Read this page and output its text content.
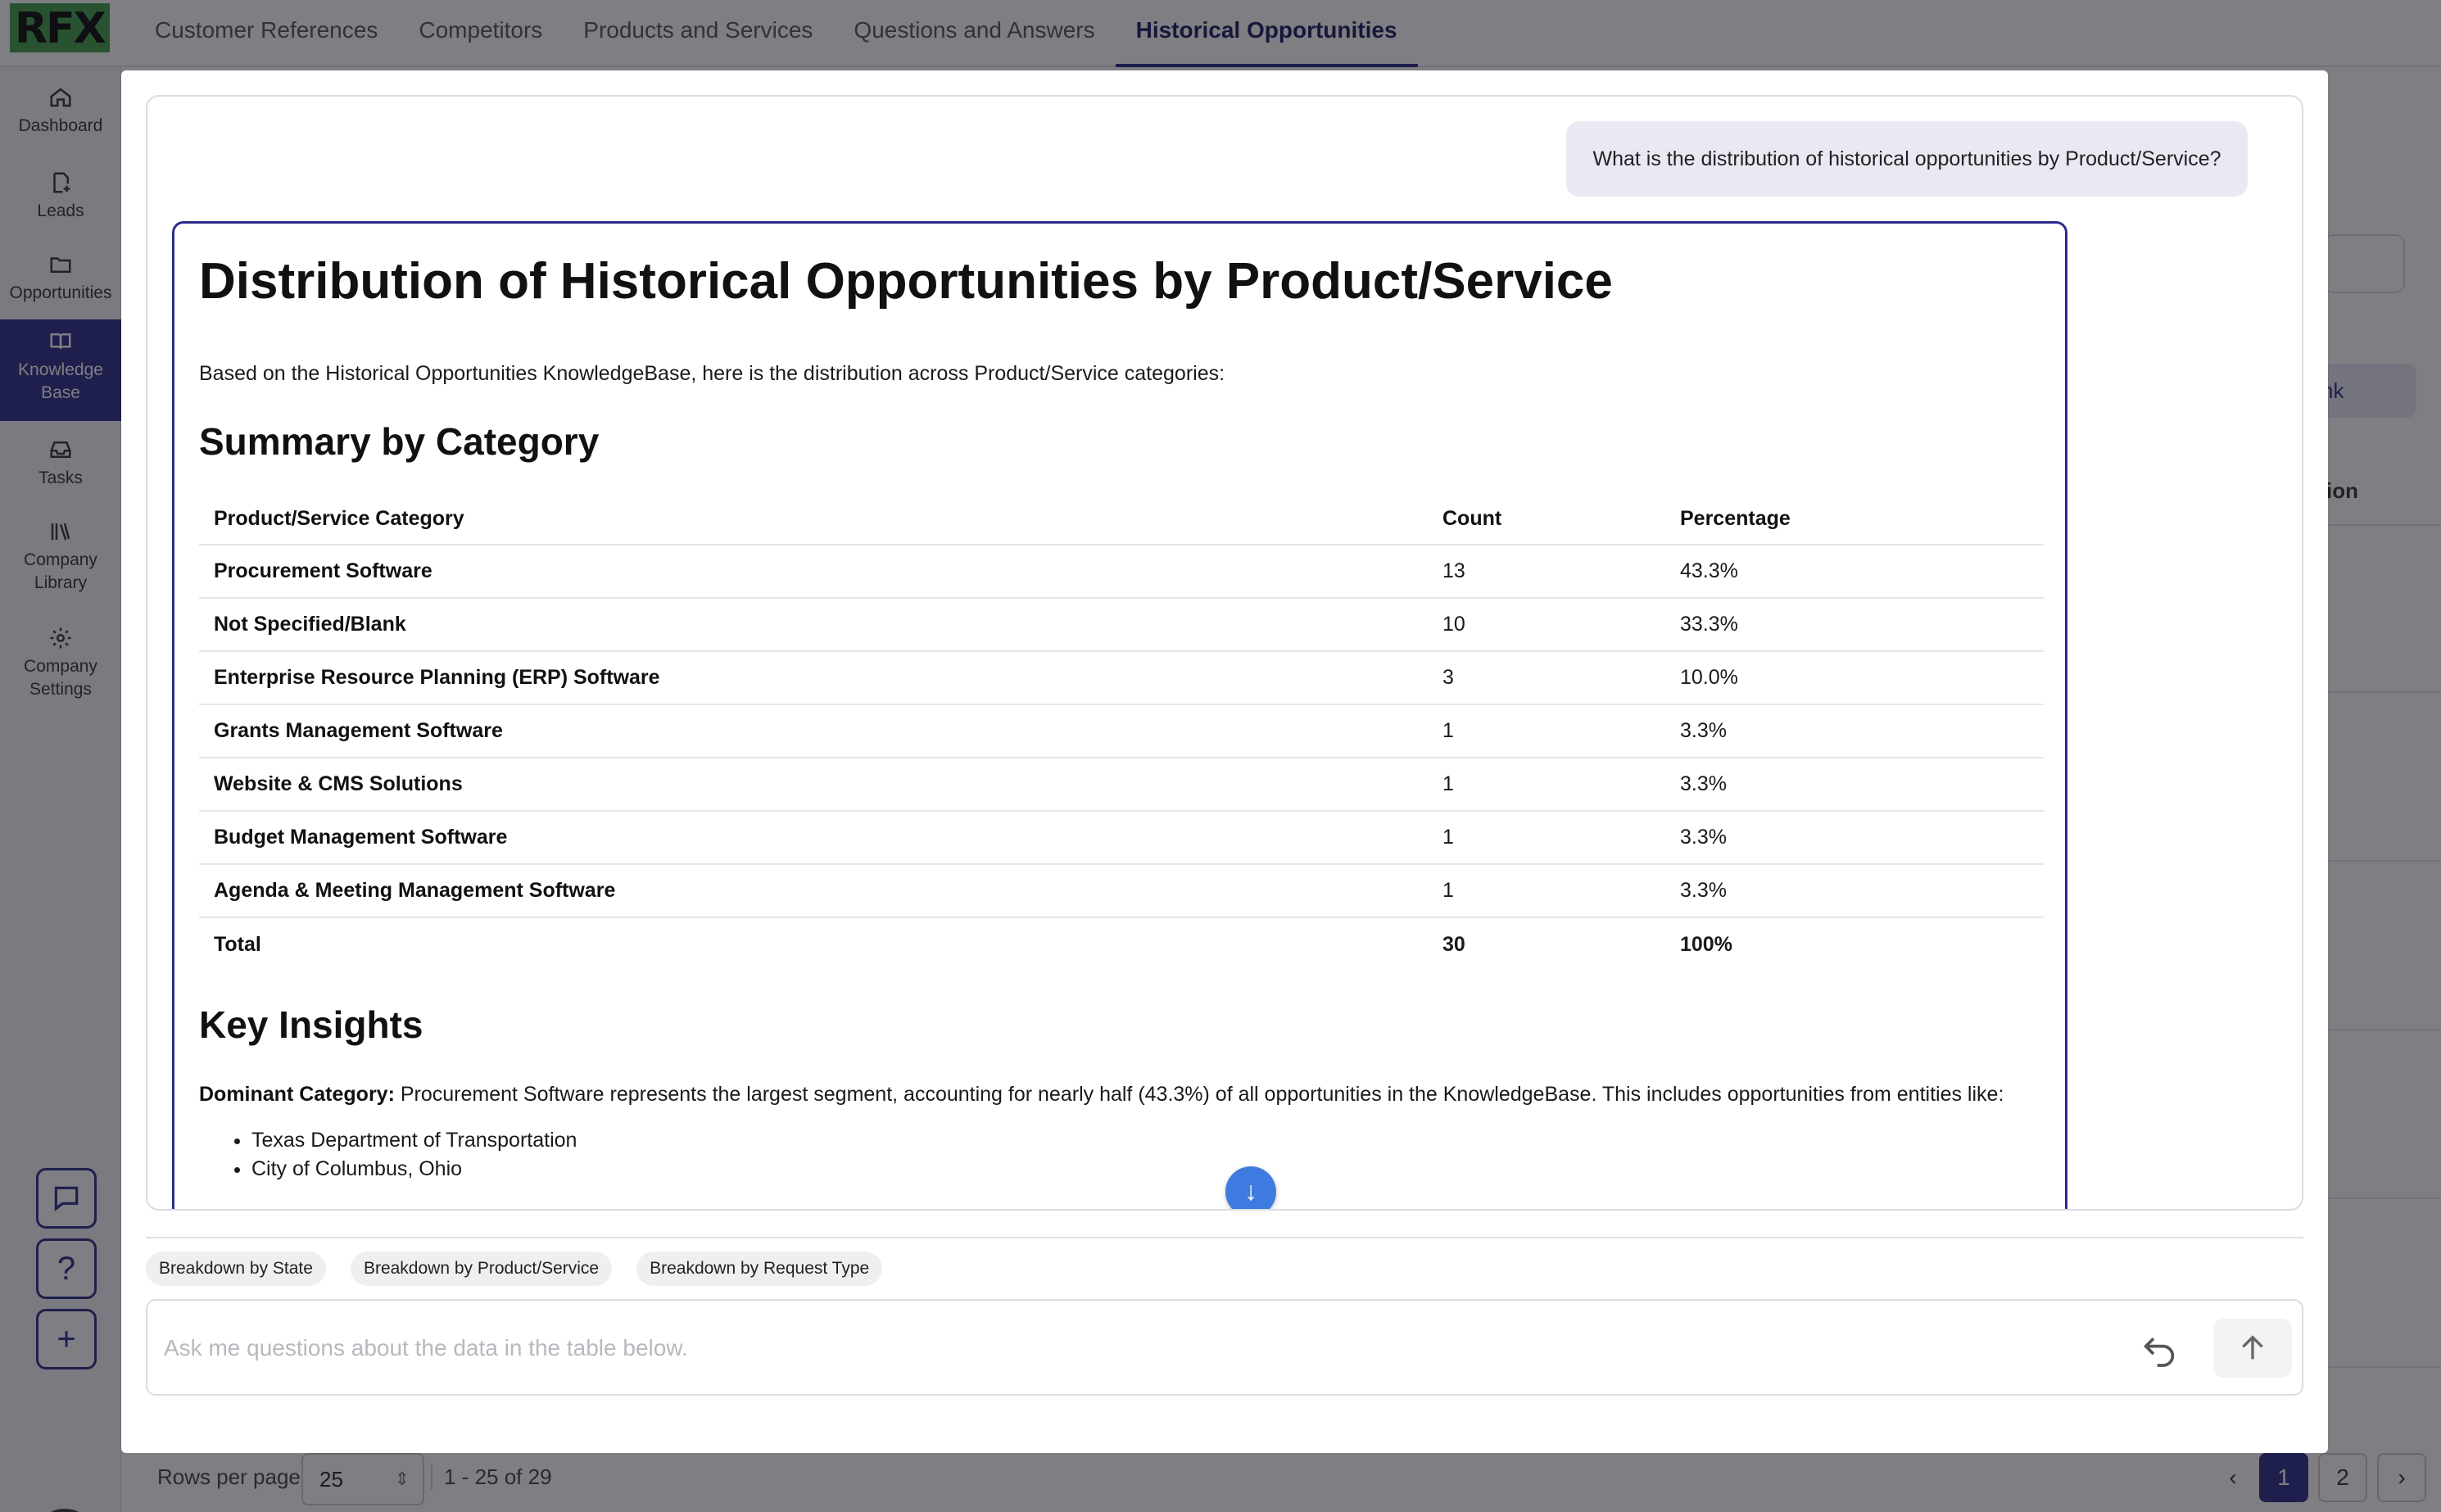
What is the distribution of historical opportunities by Product/Service?
Distribution of Historical Opportunities by Product/Service

Based on the Historical Opportunities KnowledgeBase, here is the distribution across Product/Service categories:

Summary by Category
Product/Service Category	Count	Percentage
Procurement Software	13	43.3%
Not Specified/Blank	10	33.3%
Enterprise Resource Planning (ERP) Software	3	10.0%
Grants Management Software	1	3.3%
Website & CMS Solutions	1	3.3%
Budget Management Software	1	3.3%
Agenda & Meeting Management Software	1	3.3%
Total	30	100%
Key Insights

Dominant Category: Procurement Software represents the largest segment, accounting for nearly half (43.3%) of all opportunities in the KnowledgeBase. This includes opportunities from entities like:

• Texas Department of Transportation
• City of Columbus, Ohio
↓
Breakdown by State	Breakdown by Product/Service	Breakdown by Request Type
Ask me questions about the data in the table below.
